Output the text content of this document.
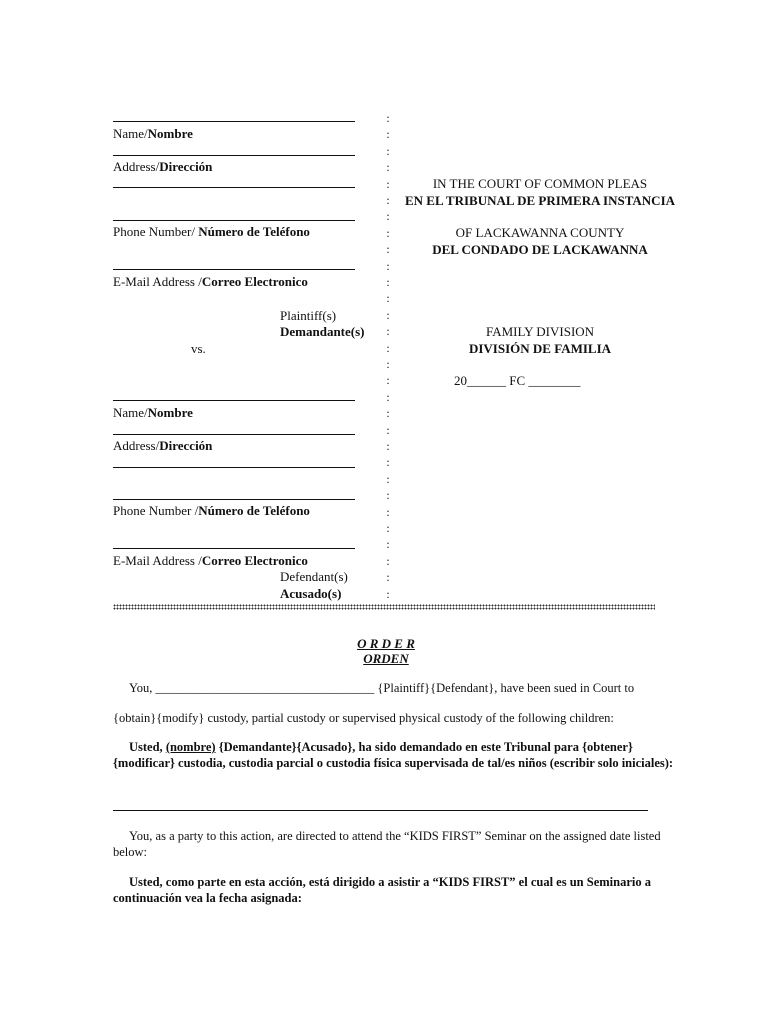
Name/Nombre
Address/Dirección
Phone Number/ Número de Teléfono
E-Mail Address /Correo Electronico
Plaintiff(s)
Demandante(s)
vs.
Name/Nombre
Address/Dirección
Phone Number /Número de Teléfono
E-Mail Address /Correo Electronico
Defendant(s)
Acusado(s)
:
:
:
:
:
:
:
:
:
:
:
:
:
:
:
:
:
:
:
:
:
:
:
:
:
:
:
:
:
:
IN THE COURT OF COMMON PLEAS
EN EL TRIBUNAL DE PRIMERA INSTANCIA
OF LACKAWANNA COUNTY
DEL CONDADO DE LACKAWANNA
FAMILY DIVISION
DIVISIÓN DE FAMILIA
20______ FC ________
O R D E R
ORDEN
You, ___________________________________ {Plaintiff}{Defendant}, have been sued in Court to
{obtain}{modify} custody, partial custody or supervised physical custody of the following children:
Usted, (nombre) {Demandante}{Acusado}, ha sido demandado en este Tribunal para {obtener}{modificar} custodia, custodia parcial o custodia física supervisada de tal/es niños (escribir solo iniciales):
You, as a party to this action, are directed to attend the “KIDS FIRST” Seminar on the assigned date listed below:
Usted, como parte en esta acción, está dirigido a asistir a “KIDS FIRST” el cual es un Seminario a continuación vea la fecha asignada:
